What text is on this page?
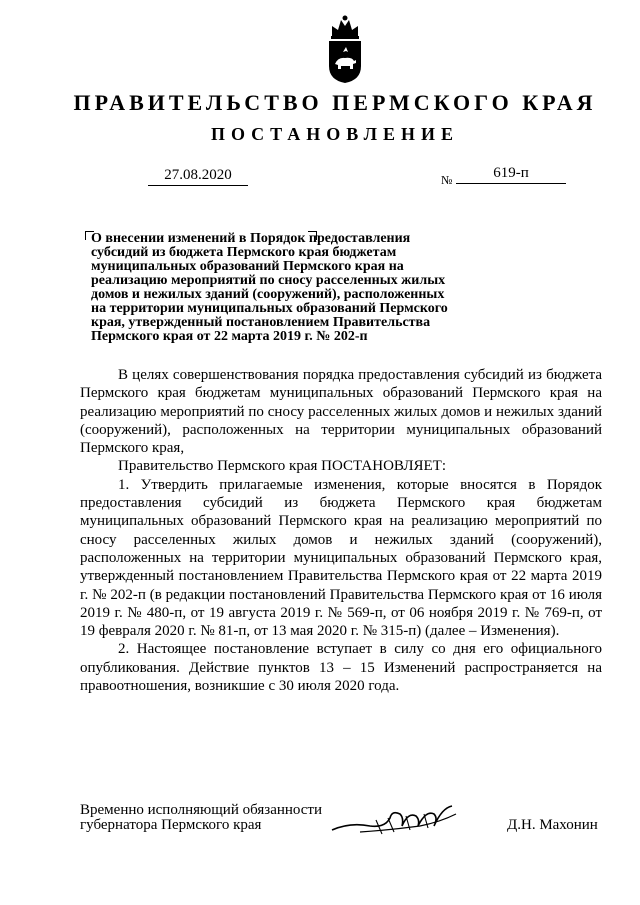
ПРАВИТЕЛЬСТВО ПЕРМСКОГО КРАЯ
ПОСТАНОВЛЕНИЕ
27.08.2020	№	619-п
О внесении изменений в Порядок предоставления субсидий из бюджета Пермского края бюджетам муниципальных образований Пермского края на реализацию мероприятий по сносу расселенных жилых домов и нежилых зданий (сооружений), расположенных на территории муниципальных образований Пермского края, утвержденный постановлением Правительства Пермского края от 22 марта 2019 г. № 202-п

В целях совершенствования порядка предоставления субсидий из бюджета Пермского края бюджетам муниципальных образований Пермского края на реализацию мероприятий по сносу расселенных жилых домов и нежилых зданий (сооружений), расположенных на территории муниципальных образований Пермского края,

Правительство Пермского края ПОСТАНОВЛЯЕТ:

1. Утвердить прилагаемые изменения, которые вносятся в Порядок предоставления субсидий из бюджета Пермского края бюджетам муниципальных образований Пермского края на реализацию мероприятий по сносу расселенных жилых домов и нежилых зданий (сооружений), расположенных на территории муниципальных образований Пермского края, утвержденный постановлением Правительства Пермского края от 22 марта 2019 г. № 202-п (в редакции постановлений Правительства Пермского края от 16 июля 2019 г. № 480-п, от 19 августа 2019 г. № 569-п, от 06 ноября 2019 г. № 769-п, от 19 февраля 2020 г. № 81-п, от 13 мая 2020 г. № 315-п) (далее – Изменения).

2. Настоящее постановление вступает в силу со дня его официального опубликования. Действие пунктов 13 – 15 Изменений распространяется на правоотношения, возникшие с 30 июля 2020 года.

Временно исполняющий обязанности
губернатора Пермского края	Д.Н. Махонин
